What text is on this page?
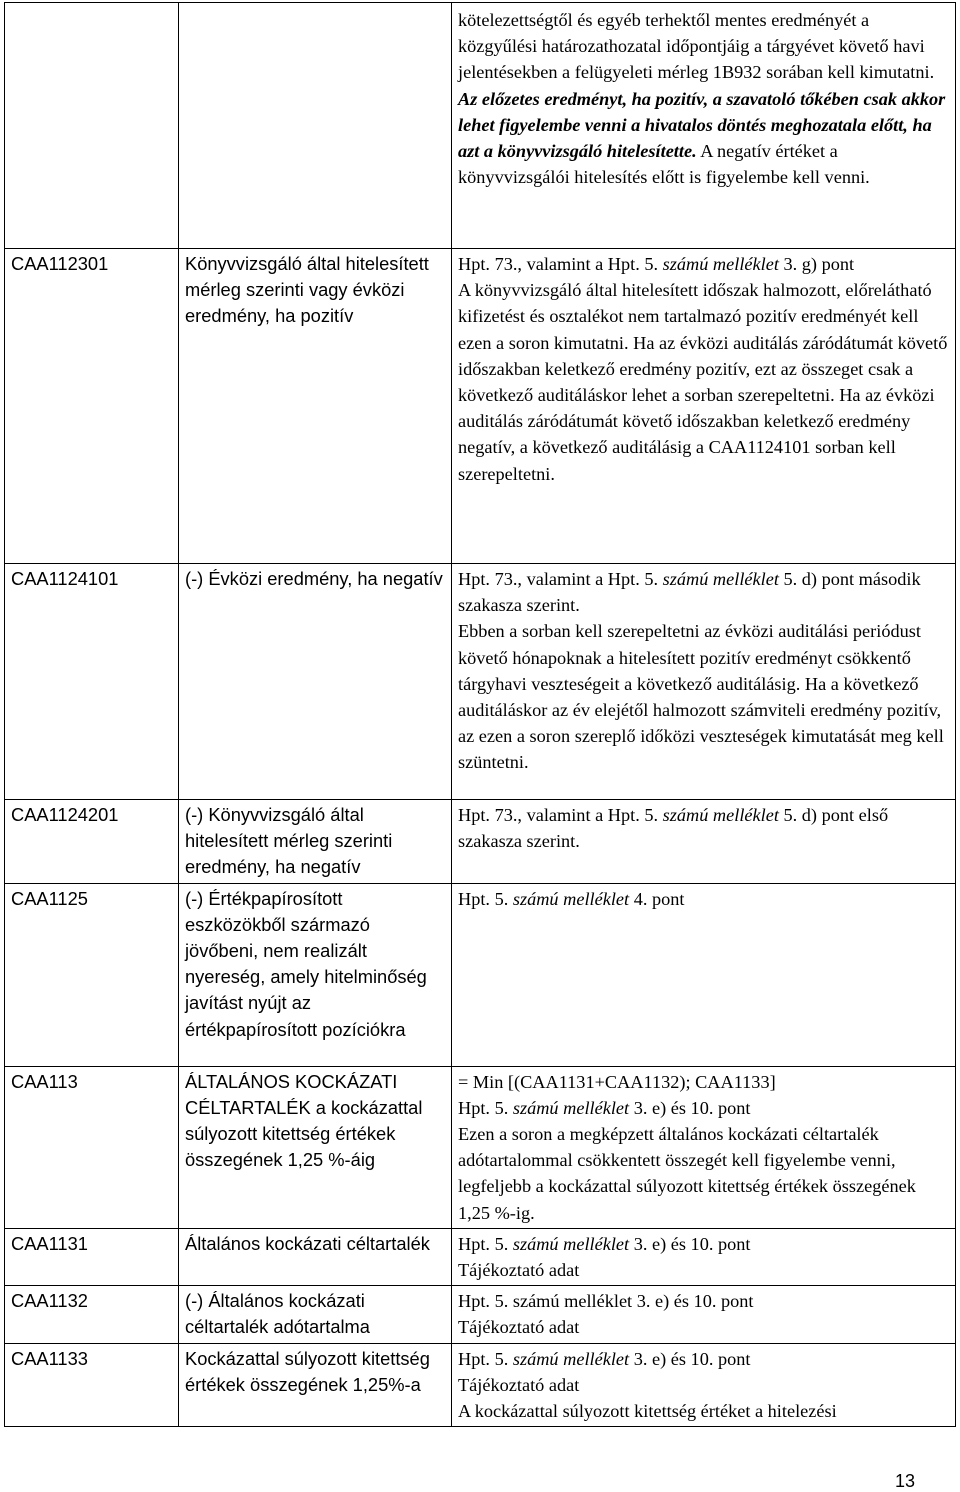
		kötelezettségtől és egyéb terhektől mentes eredményét a közgyűlési határozathozatal időpontjáig a tárgyévet követő havi jelentésekben a felügyeleti mérleg 1B932 sorában kell kimutatni. Az előzetes eredményt, ha pozitív, a szavatoló tőkében csak akkor lehet figyelembe venni a hivatalos döntés meghozatala előtt, ha azt a könyvvizsgáló hitelesítette. A negatív értéket a könyvvizsgálói hitelesítés előtt is figyelembe kell venni.
CAA112301	Könyvvizsgáló által hitelesített mérleg szerinti vagy évközi eredmény, ha pozitív	Hpt. 73., valamint a Hpt. 5. számú melléklet 3. g) pont
A könyvvizsgáló által hitelesített időszak halmozott, előrelátható kifizetést és osztalékot nem tartalmazó pozitív eredményét kell ezen a soron kimutatni. Ha az évközi auditálás záródátumát követő időszakban keletkező eredmény pozitív, ezt az összeget csak a következő auditáláskor lehet a sorban szerepeltetni. Ha az évközi auditálás záródátumát követő időszakban keletkező eredmény negatív, a következő auditálásig a CAA1124101 sorban kell szerepeltetni.

CAA1124101	(-) Évközi eredmény, ha negatív	Hpt. 73., valamint a Hpt. 5. számú melléklet 5. d) pont második szakasza szerint.
Ebben a sorban kell szerepeltetni az évközi auditálási periódust követő hónapoknak a hitelesített pozitív eredményt csökkentő tárgyhavi veszteségeit a következő auditálásig. Ha a következő auditáláskor az év elejétől halmozott számviteli eredmény pozitív, az ezen a soron szereplő időközi veszteségek kimutatását meg kell szüntetni.

CAA1124201	(-) Könyvvizsgáló által hitelesített mérleg szerinti eredmény, ha negatív	Hpt. 73., valamint a Hpt. 5. számú melléklet 5. d) pont első szakasza szerint.
CAA1125	(-) Értékpapírosított eszközökből származó jövőbeni, nem realizált nyereség, amely hitelminőség javítást nyújt az értékpapírosított pozíciókra	Hpt. 5. számú melléklet 4. pont
CAA113	ÁLTALÁNOS KOCKÁZATI CÉLTARTALÉK a kockázattal súlyozott kitettség értékek összegének 1,25 %-áig	= Min [(CAA1131+CAA1132); CAA1133]
Hpt. 5. számú melléklet 3. e) és 10. pont
Ezen a soron a megképzett általános kockázati céltartalék adótartalommal csökkentett összegét kell figyelembe venni, legfeljebb a kockázattal súlyozott kitettség értékek összegének 1,25 %-ig.

CAA1131	Általános kockázati céltartalék	Hpt. 5. számú melléklet 3. e) és 10. pont
Tájékoztató adat

CAA1132	(-) Általános kockázati céltartalék adótartalma	Hpt. 5. számú melléklet 3. e) és 10. pont
Tájékoztató adat

CAA1133	Kockázattal súlyozott kitettség értékek összegének 1,25%-a	Hpt. 5. számú melléklet 3. e) és 10. pont
Tájékoztató adat
A kockázattal súlyozott kitettség értéket a hitelezési
13
